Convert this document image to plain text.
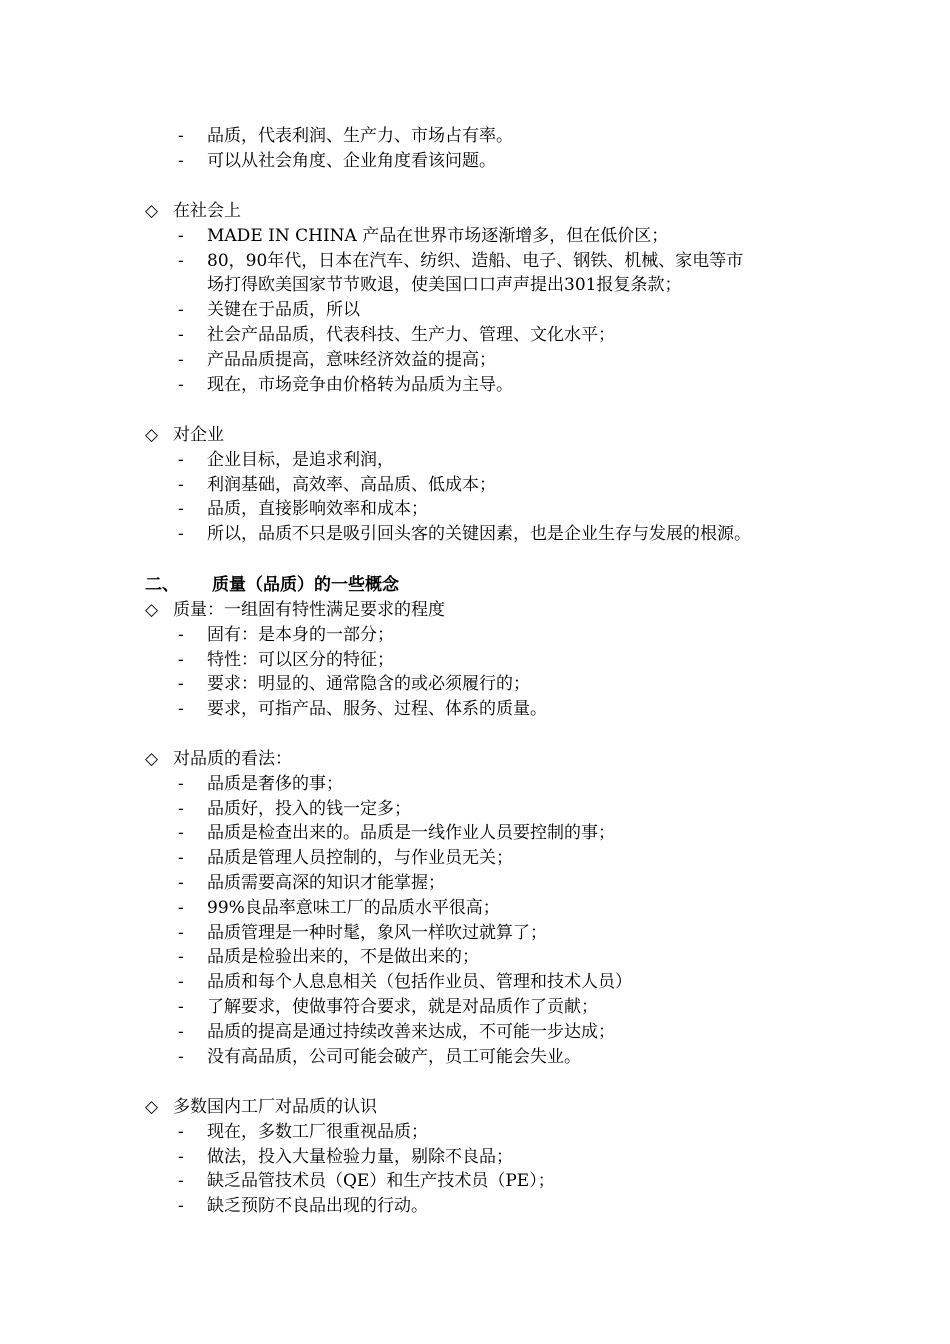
- 品质，代表利润、生产力、市场占有率。
- 可以从社会角度、企业角度看该问题。
◇ 在社会上
- MADE IN CHINA 产品在世界市场逐渐增多，但在低价区；
- 80，90年代，日本在汽车、纺织、造船、电子、钢铁、机械、家电等市
场打得欧美国家节节败退，使美国口口声声提出301报复条款；
- 关键在于品质，所以
- 社会产品品质，代表科技、生产力、管理、文化水平；
- 产品品质提高，意味经济效益的提高；
- 现在，市场竞争由价格转为品质为主导。
◇ 对企业
- 企业目标，是追求利润，
- 利润基础，高效率、高品质、低成本；
- 品质，直接影响效率和成本；
- 所以，品质不只是吸引回头客的关键因素，也是企业生存与发展的根源。
二、 质量（品质）的一些概念
◇ 质量：一组固有特性满足要求的程度
- 固有：是本身的一部分；
- 特性：可以区分的特征；
- 要求：明显的、通常隐含的或必须履行的；
- 要求，可指产品、服务、过程、体系的质量。
◇ 对品质的看法：
- 品质是奢侈的事；
- 品质好，投入的钱一定多；
- 品质是检查出来的。品质是一线作业人员要控制的事；
- 品质是管理人员控制的，与作业员无关；
- 品质需要高深的知识才能掌握；
- 99%良品率意味工厂的品质水平很高；
- 品质管理是一种时髦，象风一样吹过就算了；
- 品质是检验出来的，不是做出来的；
- 品质和每个人息息相关（包括作业员、管理和技术人员）
- 了解要求，使做事符合要求，就是对品质作了贡献；
- 品质的提高是通过持续改善来达成，不可能一步达成；
- 没有高品质，公司可能会破产，员工可能会失业。
◇ 多数国内工厂对品质的认识
- 现在，多数工厂很重视品质；
- 做法，投入大量检验力量，剔除不良品；
- 缺乏品管技术员（QE）和生产技术员（PE）；
- 缺乏预防不良品出现的行动。
